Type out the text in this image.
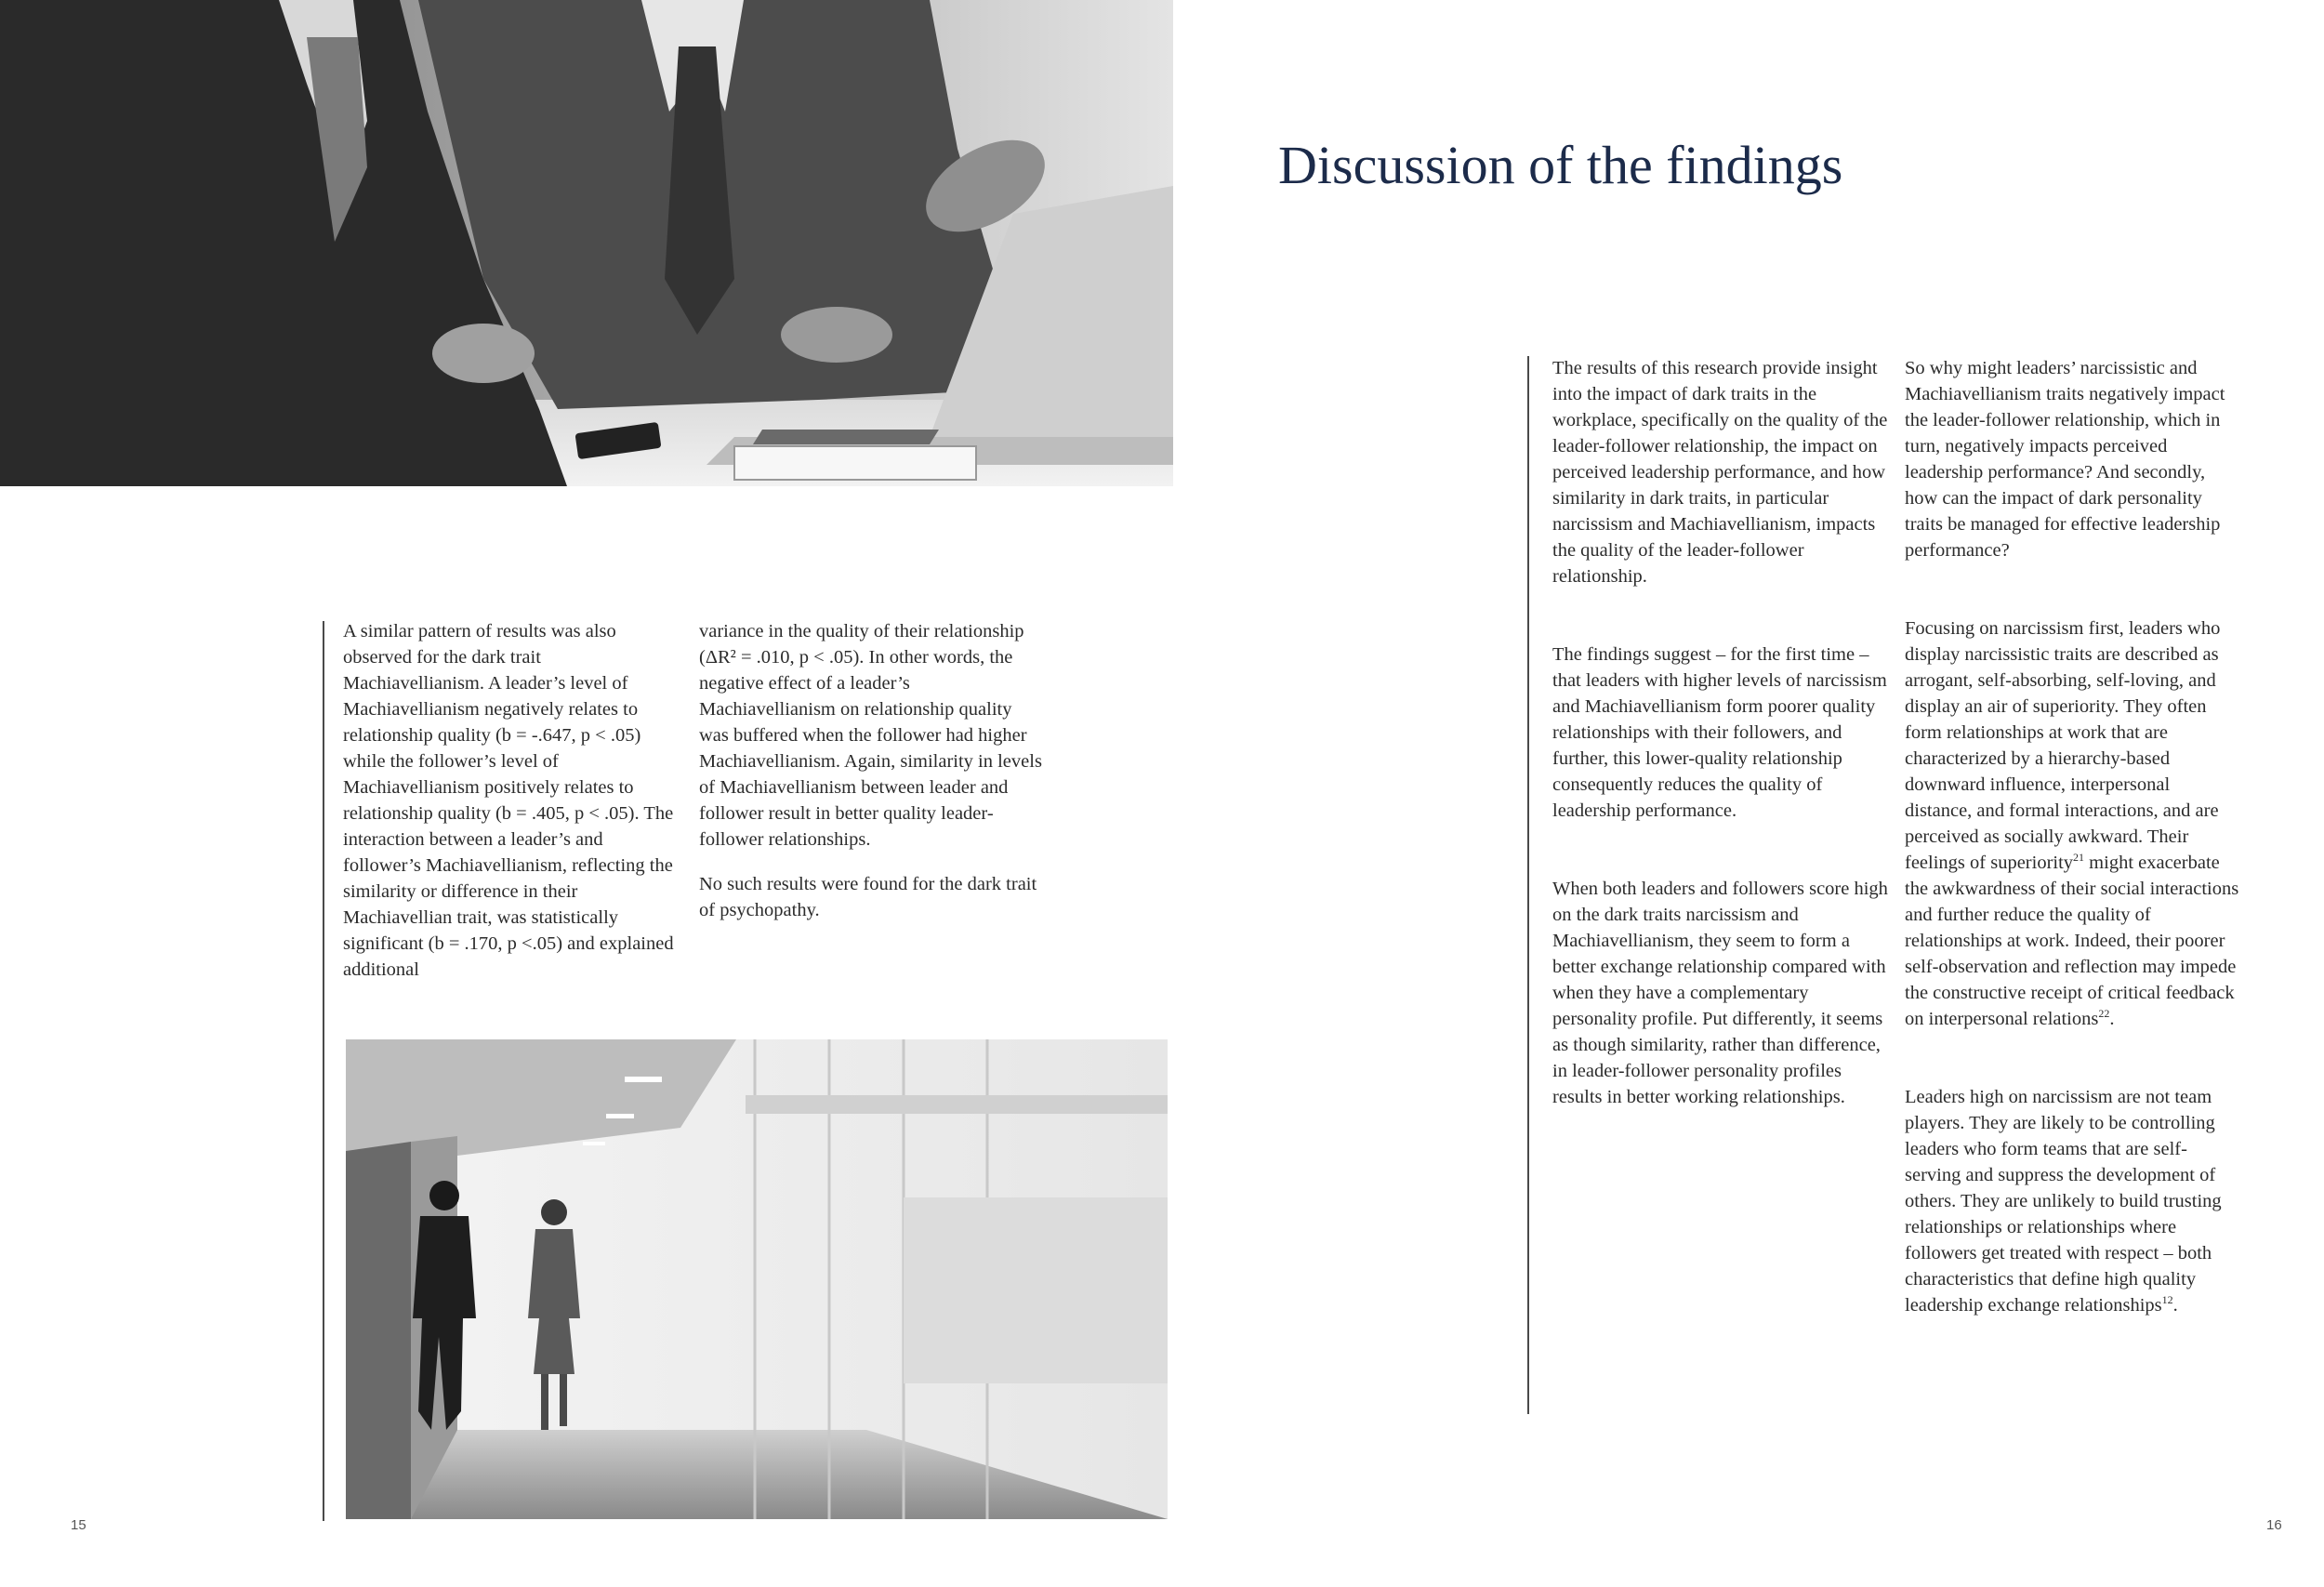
A similar pattern of results was also observed for the dark trait Machiavellianism. A leader’s level of Machiavellianism negatively relates to relationship quality (b = -.647, p < .05) while the follower’s level of Machiavellianism positively relates to relationship quality (b = .405, p < .05). The interaction between a leader’s and follower’s Machiavellianism, reflecting the similarity or difference in their Machiavellian trait, was statistically significant (b = .170, p <.05) and explained additional

variance in the quality of their relationship (ΔR² = .010, p < .05). In other words, the negative effect of a leader’s Machiavellianism on relationship quality was buffered when the follower had higher Machiavellianism. Again, similarity in levels of Machiavellianism between leader and follower result in better quality leader-follower relationships.

No such results were found for the dark trait of psychopathy.

Discussion of the findings

The results of this research provide insight into the impact of dark traits in the workplace, specifically on the quality of the leader-follower relationship, the impact on perceived leadership performance, and how similarity in dark traits, in particular narcissism and Machiavellianism, impacts the quality of the leader-follower relationship.

The findings suggest – for the first time – that leaders with higher levels of narcissism and Machiavellianism form poorer quality relationships with their followers, and further, this lower-quality relationship consequently reduces the quality of leadership performance.

When both leaders and followers score high on the dark traits narcissism and Machiavellianism, they seem to form a better exchange relationship compared with when they have a complementary personality profile. Put differently, it seems as though similarity, rather than difference, in leader-follower personality profiles results in better working relationships.

So why might leaders’ narcissistic and Machiavellianism traits negatively impact the leader-follower relationship, which in turn, negatively impacts perceived leadership performance? And secondly, how can the impact of dark personality traits be managed for effective leadership performance?

Focusing on narcissism first, leaders who display narcissistic traits are described as arrogant, self-absorbing, self-loving, and display an air of superiority. They often form relationships at work that are characterized by a hierarchy-based downward influence, interpersonal distance, and formal interactions, and are perceived as socially awkward. Their feelings of superiority$^{21}$ might exacerbate the awkwardness of their social interactions and further reduce the quality of relationships at work. Indeed, their poorer self-observation and reflection may impede the constructive receipt of critical feedback on interpersonal relations$^{22}$.

Leaders high on narcissism are not team players. They are likely to be controlling leaders who form teams that are self-serving and suppress the development of others. They are unlikely to build trusting relationships or relationships where followers get treated with respect – both characteristics that define high quality leadership exchange relationships$^{12}$.

15	16
